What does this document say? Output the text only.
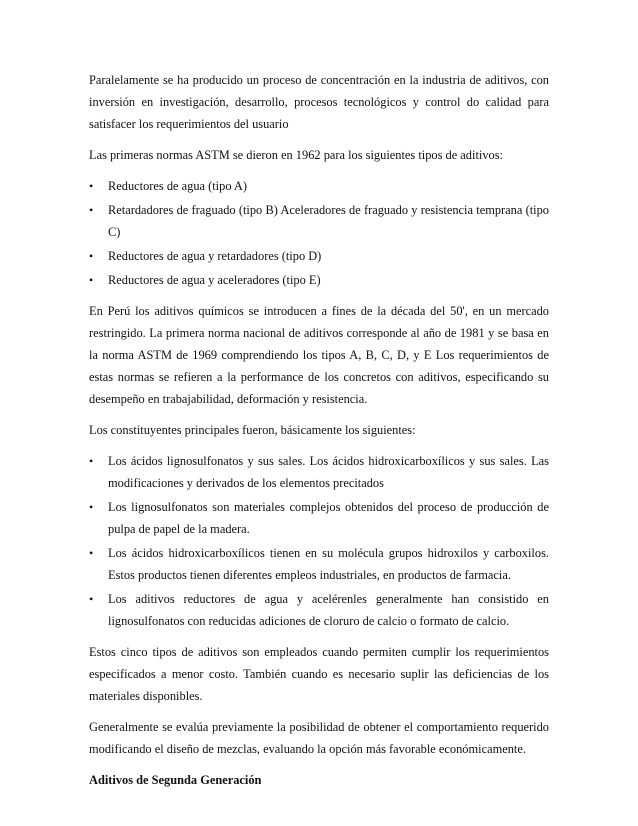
Paralelamente se ha producido un proceso de concentración en la industria de aditivos, con inversión en investigación, desarrollo, procesos tecnológicos y control do calidad para satisfacer los requerimientos del usuario

Las primeras normas ASTM se dieron en 1962 para los siguientes tipos de aditivos:

• Reductores de agua (tipo A)
• Retardadores de fraguado (tipo B) Aceleradores de fraguado y resistencia temprana (tipo C)
• Reductores de agua y retardadores (tipo D)
• Reductores de agua y aceleradores (tipo E)

En Perú los aditivos químicos se introducen a fines de la década del 50', en un mercado restringido. La primera norma nacional de aditivos corresponde al año de 1981 y se basa en la norma ASTM de 1969 comprendiendo los tipos A, B, C, D, y E Los requerimientos de estas normas se refieren a la performance de los concretos con aditivos, especificando su desempeño en trabajabilidad, deformación y resistencia.

Los constituyentes principales fueron, básicamente los siguientes:

• Los ácidos lignosulfonatos y sus sales. Los ácidos hidroxicarboxílicos y sus sales. Las modificaciones y derivados de los elementos precitados
• Los lignosulfonatos son materiales complejos obtenidos del proceso de producción de pulpa de papel de la madera.
• Los ácidos hidroxicarboxílicos tienen en su molécula grupos hidroxilos y carboxilos. Estos productos tienen diferentes empleos industriales, en productos de farmacia.
• Los aditivos reductores de agua y acelérenles generalmente han consistido en lignosulfonatos con reducidas adiciones de cloruro de calcio o formato de calcio.

Estos cinco tipos de aditivos son empleados cuando permiten cumplir los requerimientos especificados a menor costo. También cuando es necesario suplir las deficiencias de los materiales disponibles.

Generalmente se evalúa previamente la posibilidad de obtener el comportamiento requerido modificando el diseño de mezclas, evaluando la opción más favorable económicamente.

Aditivos de Segunda Generación
